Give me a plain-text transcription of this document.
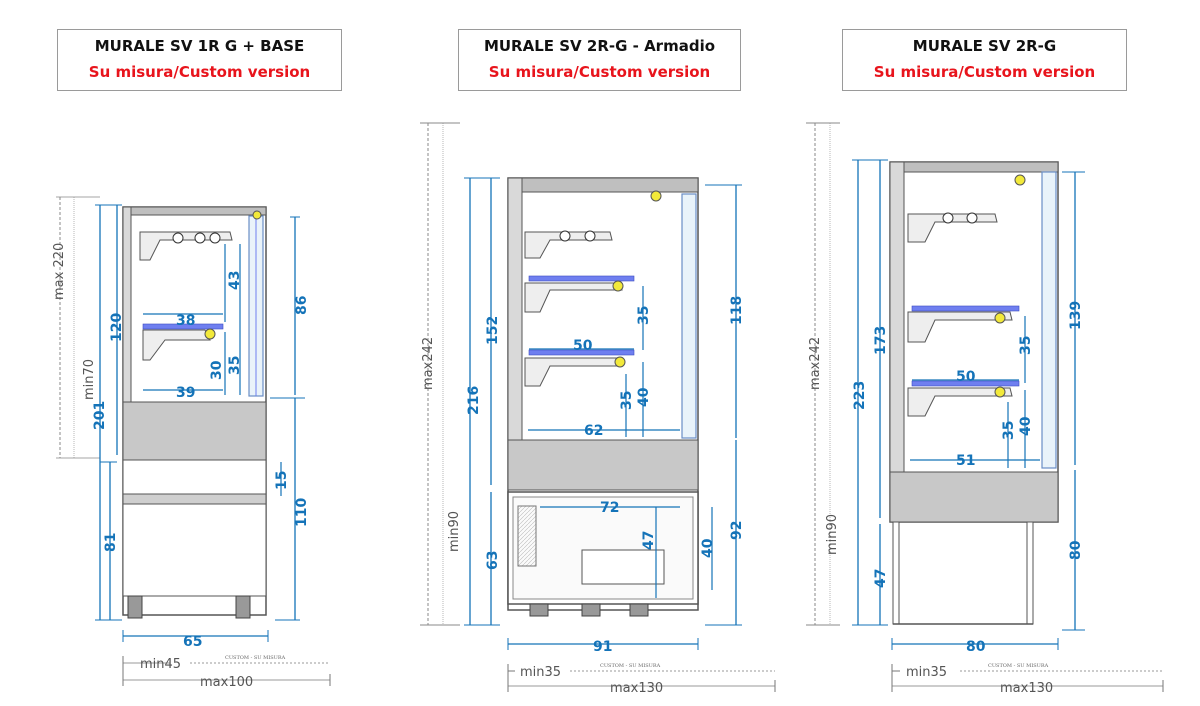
MURALE SV 1R G + BASE
Su misura/Custom version
MURALE SV 2R-G - Armadio
Su misura/Custom version
MURALE SV 2R-G
Su misura/Custom version
max 220
min70
201
120
81
43
35
30
86
110
15
38
39
65
min45
max100
CUSTOM - SU MISURA
max242
min90
216
152
63
35
40
35
118
92
50
62
72
47	40
91
min35
max130
CUSTOM - SU MISURA
max242
min90
223
173
47
35
35 40
139
80
50
51
80
min35
max130
CUSTOM - SU MISURA
